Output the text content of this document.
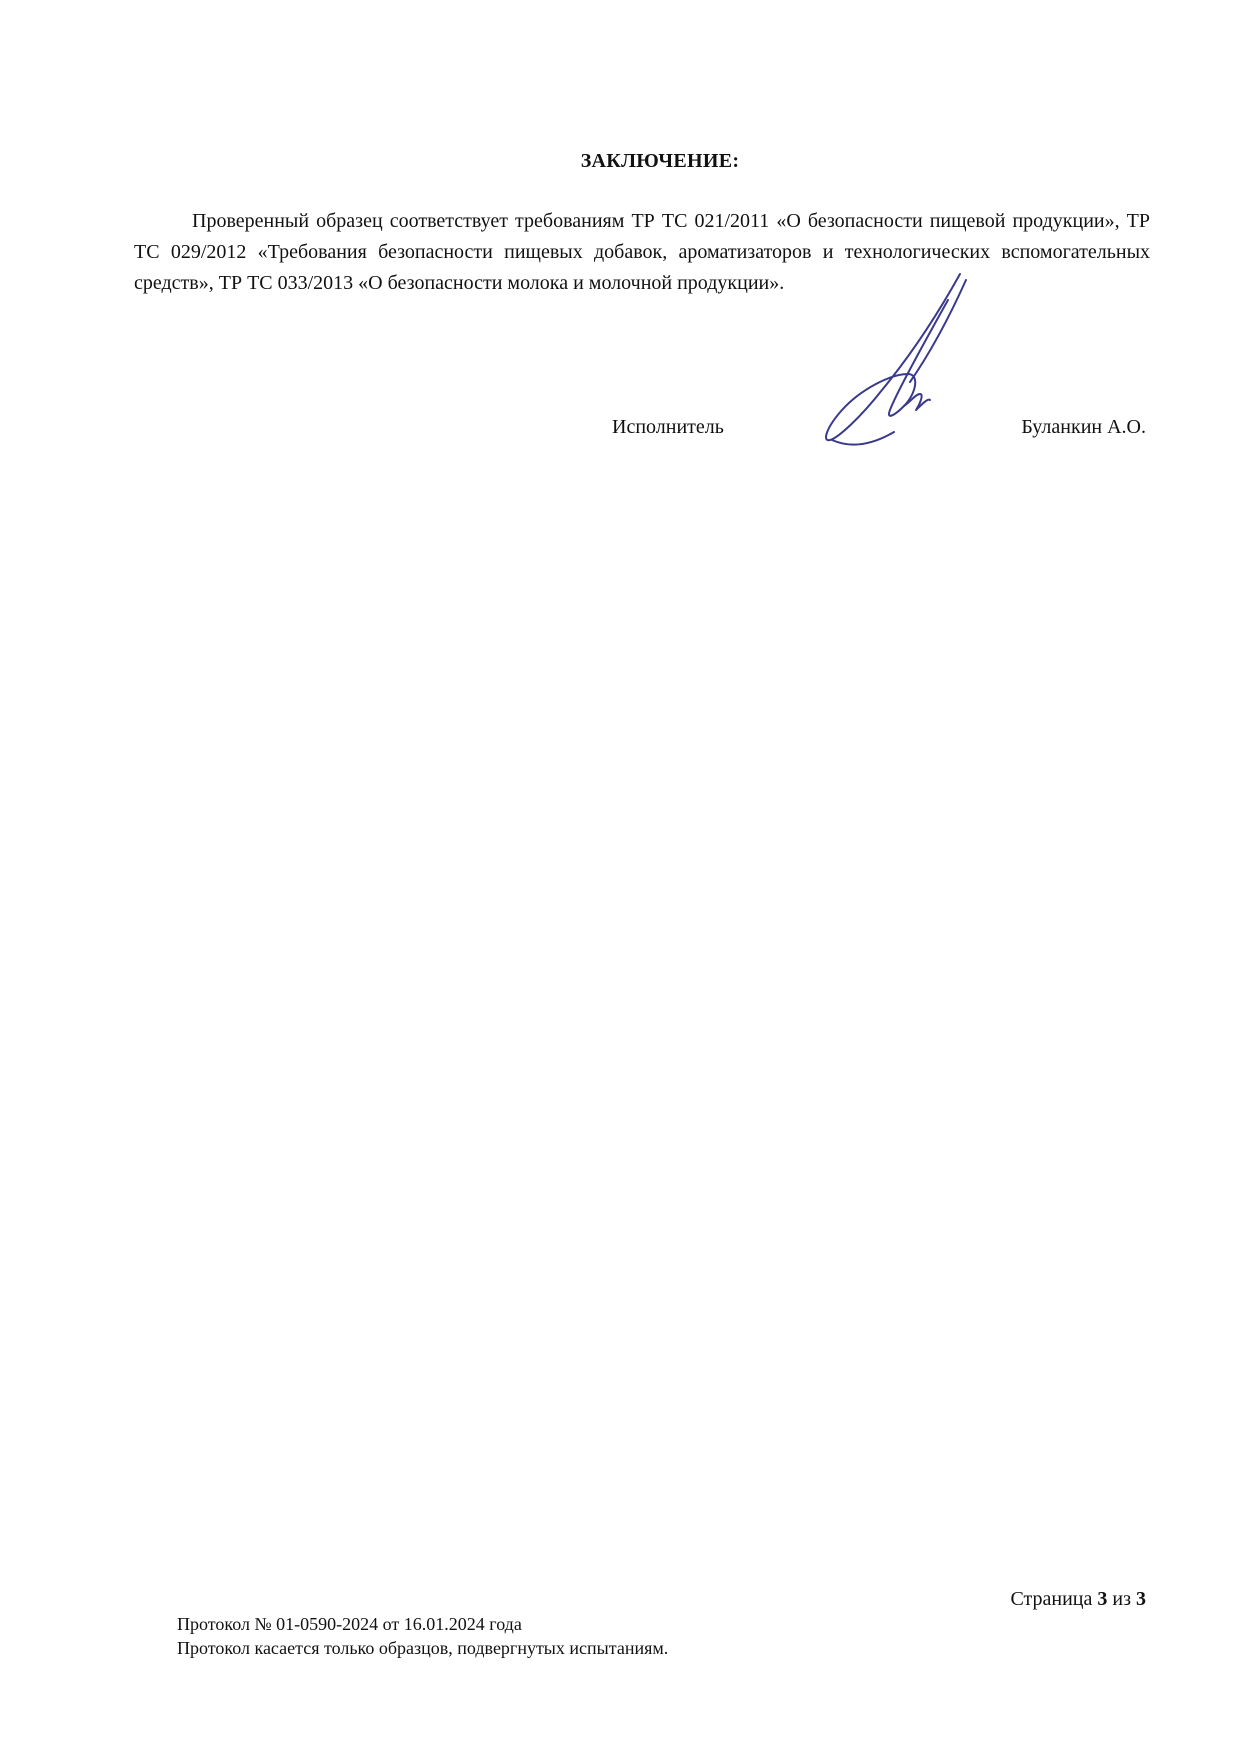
ЗАКЛЮЧЕНИЕ:
Проверенный образец соответствует требованиям ТР ТС 021/2011 «О безопасности пищевой продукции», ТР ТС 029/2012 «Требования безопасности пищевых добавок, ароматизаторов и технологических вспомогательных средств», ТР ТС 033/2013 «О безопасности молока и молочной продукции».
Исполнитель	Буланкин А.О.
Страница 3 из 3
Протокол № 01-0590-2024 от 16.01.2024 года
Протокол касается только образцов, подвергнутых испытаниям.
